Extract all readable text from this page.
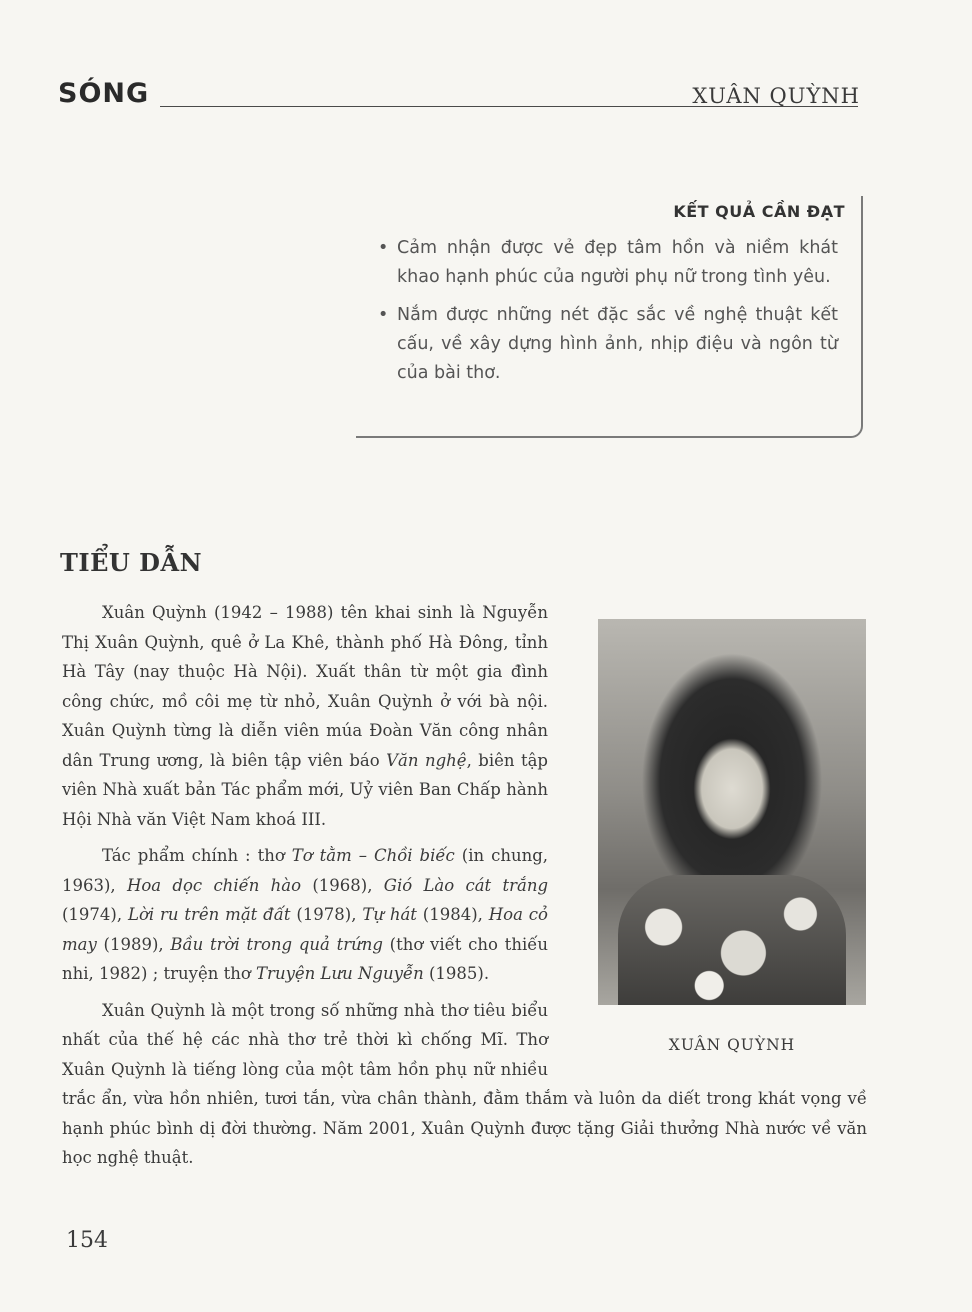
SÓNG	XUÂN QUỲNH
KẾT QUẢ CẦN ĐẠT
• Cảm nhận được vẻ đẹp tâm hồn và niềm khát khao hạnh phúc của người phụ nữ trong tình yêu.
• Nắm được những nét đặc sắc về nghệ thuật kết cấu, về xây dựng hình ảnh, nhịp điệu và ngôn từ của bài thơ.
TIỂU DẪN
XUÂN QUỲNH

Xuân Quỳnh (1942 – 1988) tên khai sinh là Nguyễn Thị Xuân Quỳnh, quê ở La Khê, thành phố Hà Đông, tỉnh Hà Tây (nay thuộc Hà Nội). Xuất thân từ một gia đình công chức, mồ côi mẹ từ nhỏ, Xuân Quỳnh ở với bà nội. Xuân Quỳnh từng là diễn viên múa Đoàn Văn công nhân dân Trung ương, là biên tập viên báo Văn nghệ, biên tập viên Nhà xuất bản Tác phẩm mới, Uỷ viên Ban Chấp hành Hội Nhà văn Việt Nam khoá III.

Tác phẩm chính : thơ Tơ tằm – Chồi biếc (in chung, 1963), Hoa dọc chiến hào (1968), Gió Lào cát trắng (1974), Lời ru trên mặt đất (1978), Tự hát (1984), Hoa cỏ may (1989), Bầu trời trong quả trứng (thơ viết cho thiếu nhi, 1982) ; truyện thơ Truyện Lưu Nguyễn (1985).

Xuân Quỳnh là một trong số những nhà thơ tiêu biểu nhất của thế hệ các nhà thơ trẻ thời kì chống Mĩ. Thơ Xuân Quỳnh là tiếng lòng của một tâm hồn phụ nữ nhiều trắc ẩn, vừa hồn nhiên, tươi tắn, vừa chân thành, đằm thắm và luôn da diết trong khát vọng về hạnh phúc bình dị đời thường. Năm 2001, Xuân Quỳnh được tặng Giải thưởng Nhà nước về văn học nghệ thuật.

154
